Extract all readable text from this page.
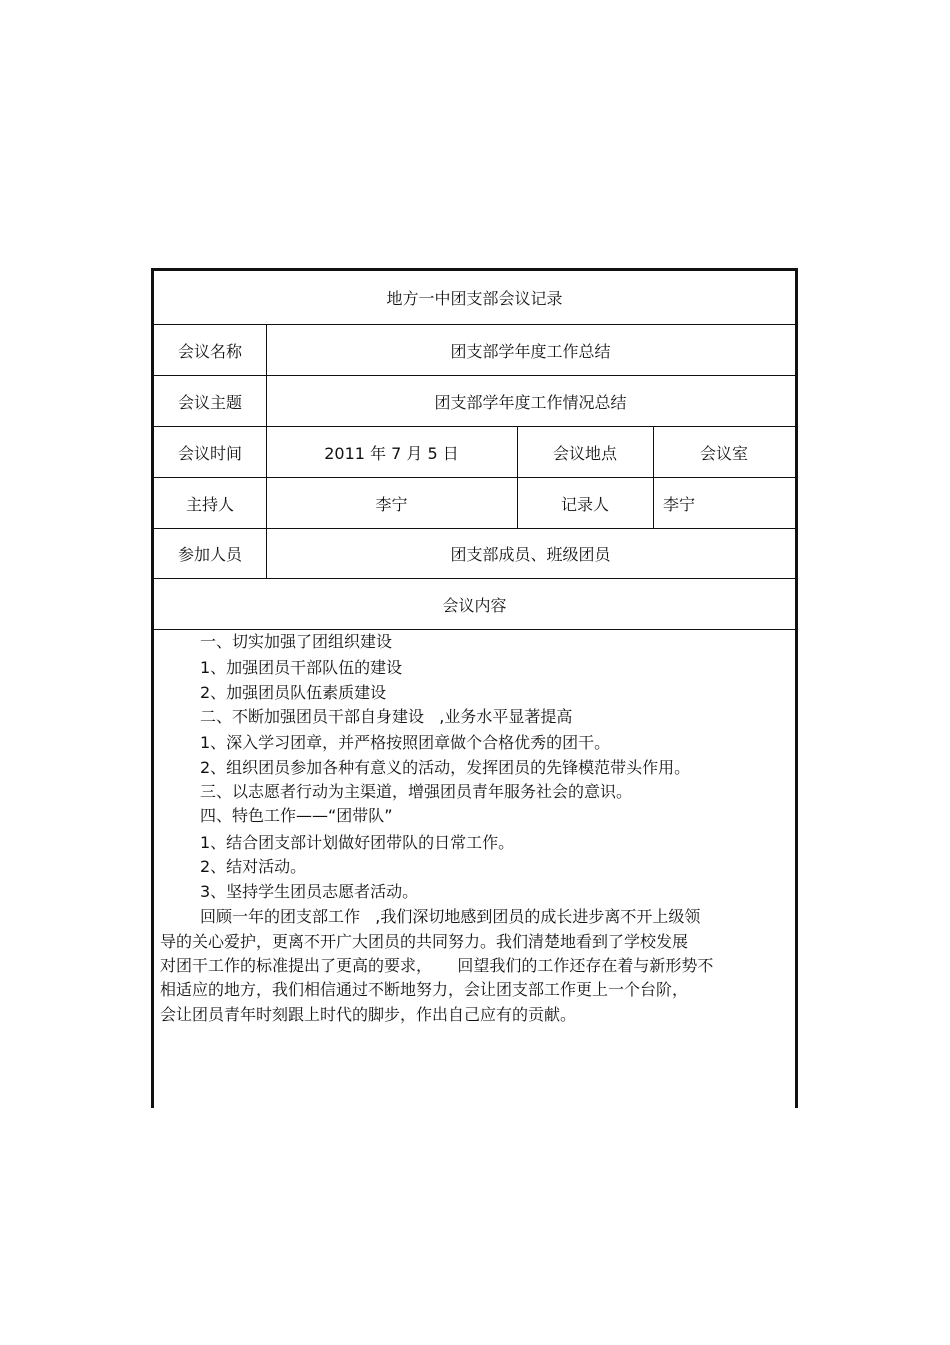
地方一中团支部会议记录
会议名称	团支部学年度工作总结
会议主题	团支部学年度工作情况总结
会议时间	2011 年 7 月 5 日	会议地点	会议室
主持人	李宁	记录人	李宁
参加人员	团支部成员、班级团员
会议内容
一、切实加强了团组织建设
1、加强团员干部队伍的建设
2、加强团员队伍素质建设
二、不断加强团员干部自身建设   ,业务水平显著提高
1、深入学习团章，并严格按照团章做个合格优秀的团干。
2、组织团员参加各种有意义的活动，发挥团员的先锋模范带头作用。
三、以志愿者行动为主渠道，增强团员青年服务社会的意识。
四、特色工作——“团带队”
1、结合团支部计划做好团带队的日常工作。
2、结对活动。
3、坚持学生团员志愿者活动。
回顾一年的团支部工作   ,我们深切地感到团员的成长进步离不开上级领
导的关心爱护，更离不开广大团员的共同努力。我们清楚地看到了学校发展
对团干工作的标准提出了更高的要求，     回望我们的工作还存在着与新形势不
相适应的地方，我们相信通过不断地努力，会让团支部工作更上一个台阶，
会让团员青年时刻跟上时代的脚步，作出自己应有的贡献。
